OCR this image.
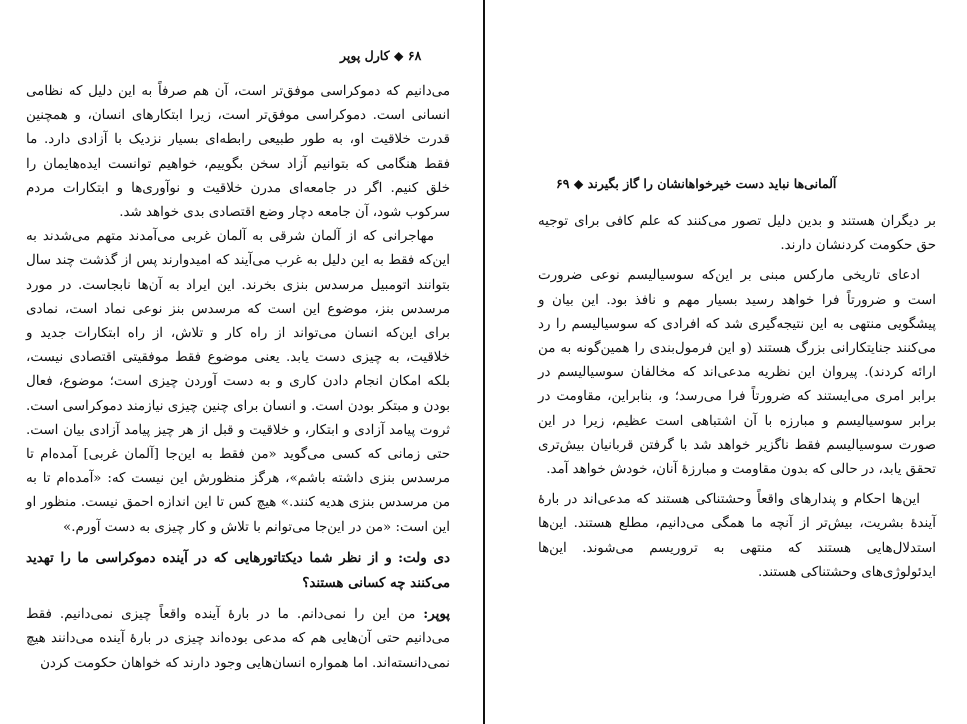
۶۸ ◆ کارل پوپر

می‌دانیم که دموکراسی موفق‌تر است، آن هم صرفاً به این دلیل که نظامی انسانی است. دموکراسی موفق‌تر است، زیرا ابتکارهای انسان، و همچنین قدرت خلاقیت او، به طور طبیعی رابطه‌ای بسیار نزدیک با آزادی دارد. ما فقط هنگامی که بتوانیم آزاد سخن بگوییم، خواهیم توانست ایده‌هایمان را خلق کنیم. اگر در جامعه‌ای مدرن خلاقیت و نوآوری‌ها و ابتکارات مردم سرکوب شود، آن جامعه دچار وضع اقتصادی بدی خواهد شد.

مهاجرانی که از آلمان شرقی به آلمان غربی می‌آمدند متهم می‌شدند به این‌که فقط به این دلیل به غرب می‌آیند که امیدوارند پس از گذشت چند سال بتوانند اتومبیل مرسدس بنزی بخرند. این ایراد به آن‌ها نابجاست. در مورد مرسدس بنز، موضوع این است که مرسدس بنز نوعی نماد است، نمادی برای این‌که انسان می‌تواند از راه کار و تلاش، از راه ابتکارات جدید و خلاقیت، به چیزی دست یابد. یعنی موضوع فقط موفقیتی اقتصادی نیست، بلکه امکان انجام دادن کاری و به دست آوردن چیزی است؛ موضوع، فعال بودن و مبتکر بودن است. و انسان برای چنین چیزی نیازمند دموکراسی است. ثروت پیامد آزادی و ابتکار، و خلاقیت و قبل از هر چیز پیامد آزادی بیان است. حتی زمانی که کسی می‌گوید «من فقط به این‌جا [آلمان غربی] آمده‌ام تا مرسدس بنزی داشته باشم»، هرگز منظورش این نیست که: «آمده‌ام تا به من مرسدس بنزی هدیه کنند.» هیچ کس تا این اندازه احمق نیست. منظور او این است: «من در این‌جا می‌توانم با تلاش و کار چیزی به دست آورم.»

دی ولت: و از نظر شما دیکتاتورهایی که در آینده دموکراسی ما را تهدید می‌کنند چه کسانی هستند؟

پوپر: من این را نمی‌دانم. ما در بارهٔ آینده واقعاً چیزی نمی‌دانیم. فقط می‌دانیم حتی آن‌هایی هم که مدعی بوده‌اند چیزی در بارهٔ آینده می‌دانند هیچ نمی‌دانسته‌اند. اما همواره انسان‌هایی وجود دارند که خواهان حکومت کردن

آلمانی‌ها نباید دست خیرخواهانشان را گاز بگیرند ◆ ۶۹

بر دیگران هستند و بدین دلیل تصور می‌کنند که علم کافی برای توجیه حق حکومت کردنشان دارند.

ادعای تاریخی مارکس مبنی بر این‌که سوسیالیسم نوعی ضرورت است و ضرورتاً فرا خواهد رسید بسیار مهم و نافذ بود. این بیان و پیشگویی منتهی به این نتیجه‌گیری شد که افرادی که سوسیالیسم را رد می‌کنند جنایتکارانی بزرگ هستند (و این فرمول‌بندی را همین‌گونه به من ارائه کردند). پیروان این نظریه مدعی‌اند که مخالفان سوسیالیسم در برابر امری می‌ایستند که ضرورتاً فرا می‌رسد؛ و، بنابراین، مقاومت در برابر سوسیالیسم و مبارزه با آن اشتباهی است عظیم، زیرا در این صورت سوسیالیسم فقط ناگزیر خواهد شد با گرفتن قربانیان بیش‌تری تحقق یابد، در حالی که بدون مقاومت و مبارزهٔ آنان، خودش خواهد آمد.

این‌ها احکام و پندارهای واقعاً وحشتناکی هستند که مدعی‌اند در بارهٔ آیندهٔ بشریت، بیش‌تر از آنچه ما همگی می‌دانیم، مطلع هستند. این‌ها استدلال‌هایی هستند که منتهی به تروریسم می‌شوند. این‌ها ایدئولوژی‌های وحشتناکی هستند.
